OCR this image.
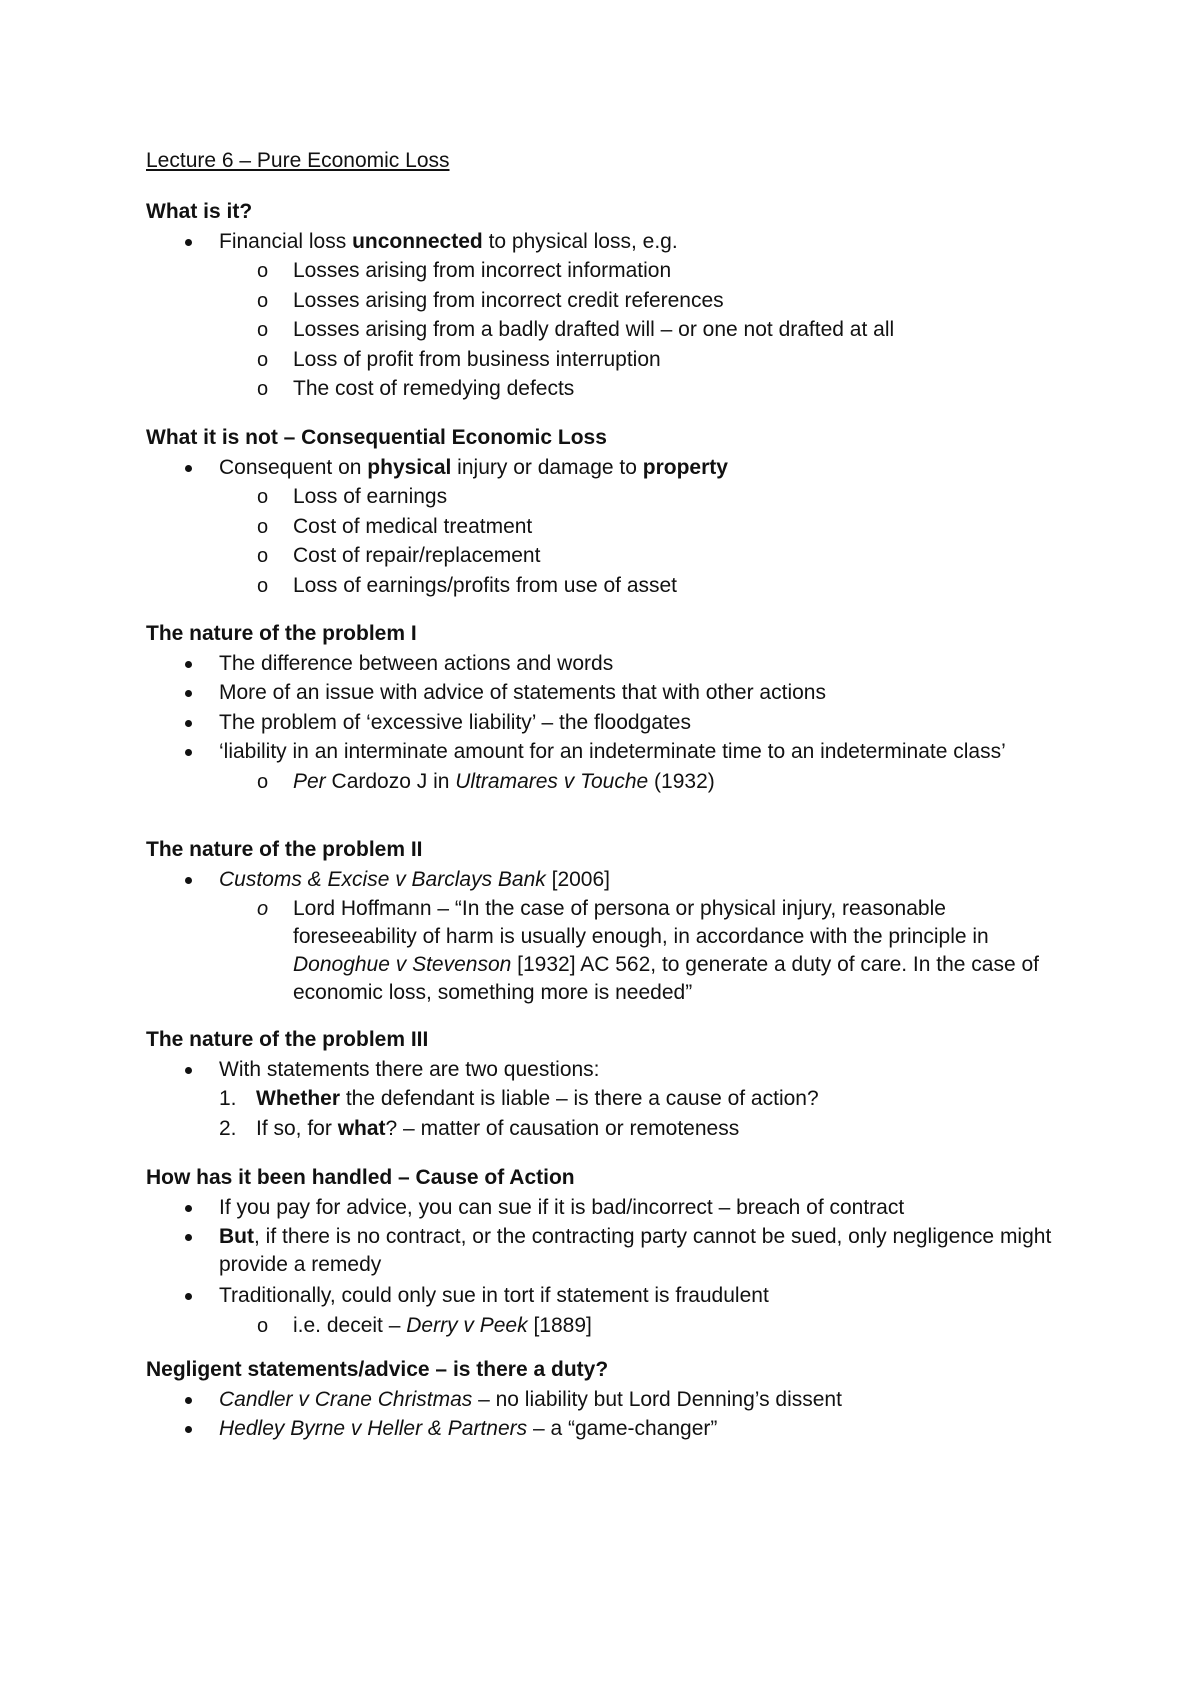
Lecture 6 – Pure Economic Loss
What is it?
Financial loss unconnected to physical loss, e.g.
o Losses arising from incorrect information
o Losses arising from incorrect credit references
o Losses arising from a badly drafted will – or one not drafted at all
o Loss of profit from business interruption
o The cost of remedying defects
What it is not – Consequential Economic Loss
Consequent on physical injury or damage to property
o Loss of earnings
o Cost of medical treatment
o Cost of repair/replacement
o Loss of earnings/profits from use of asset
The nature of the problem I
The difference between actions and words
More of an issue with advice of statements that with other actions
The problem of ‘excessive liability’ – the floodgates
‘liability in an interminate amount for an indeterminate time to an indeterminate class’
o Per Cardozo J in Ultramares v Touche (1932)
The nature of the problem II
Customs & Excise v Barclays Bank [2006]
o Lord Hoffmann – “In the case of persona or physical injury, reasonable foreseeability of harm is usually enough, in accordance with the principle in Donoghue v Stevenson [1932] AC 562, to generate a duty of care. In the case of economic loss, something more is needed”
The nature of the problem III
With statements there are two questions:
1. Whether the defendant is liable – is there a cause of action?
2. If so, for what? – matter of causation or remoteness
How has it been handled – Cause of Action
If you pay for advice, you can sue if it is bad/incorrect – breach of contract
But, if there is no contract, or the contracting party cannot be sued, only negligence might provide a remedy
Traditionally, could only sue in tort if statement is fraudulent
o i.e. deceit – Derry v Peek [1889]
Negligent statements/advice – is there a duty?
Candler v Crane Christmas – no liability but Lord Denning’s dissent
Hedley Byrne v Heller & Partners – a “game-changer”
